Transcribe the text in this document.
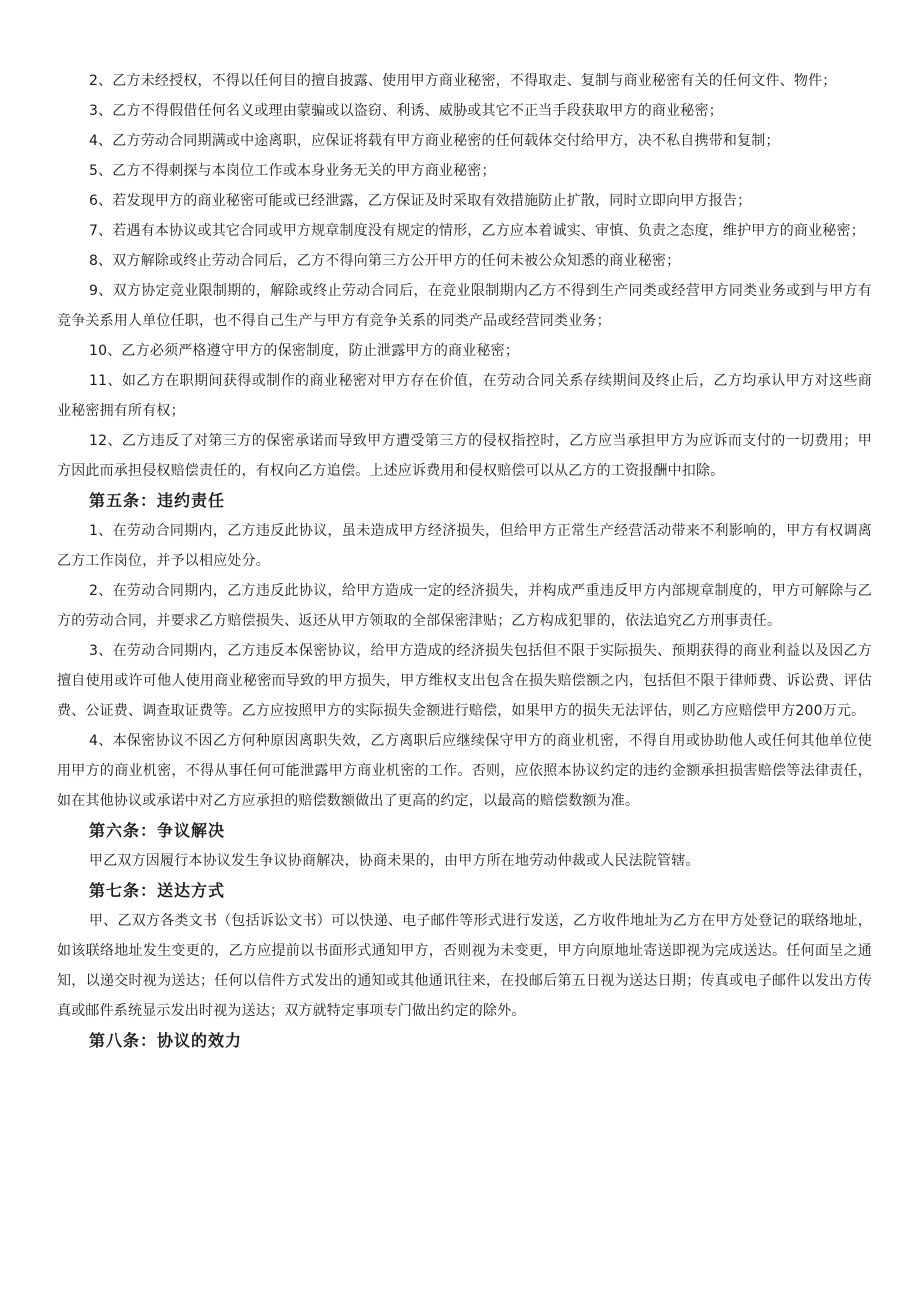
2、乙方未经授权，不得以任何目的擅自披露、使用甲方商业秘密，不得取走、复制与商业秘密有关的任何文件、物件；

3、乙方不得假借任何名义或理由蒙骗或以盗窃、利诱、威胁或其它不正当手段获取甲方的商业秘密；

4、乙方劳动合同期满或中途离职，应保证将载有甲方商业秘密的任何载体交付给甲方，决不私自携带和复制；

5、乙方不得刺探与本岗位工作或本身业务无关的甲方商业秘密；

6、若发现甲方的商业秘密可能或已经泄露，乙方保证及时采取有效措施防止扩散，同时立即向甲方报告；

7、若遇有本协议或其它合同或甲方规章制度没有规定的情形，乙方应本着诚实、审慎、负责之态度，维护甲方的商业秘密；

8、双方解除或终止劳动合同后，乙方不得向第三方公开甲方的任何未被公众知悉的商业秘密；

9、双方协定竞业限制期的，解除或终止劳动合同后，在竞业限制期内乙方不得到生产同类或经营甲方同类业务或到与甲方有竞争关系用人单位任职，也不得自己生产与甲方有竞争关系的同类产品或经营同类业务；

10、乙方必须严格遵守甲方的保密制度，防止泄露甲方的商业秘密；

11、如乙方在职期间获得或制作的商业秘密对甲方存在价值，在劳动合同关系存续期间及终止后，乙方均承认甲方对这些商业秘密拥有所有权；

12、乙方违反了对第三方的保密承诺而导致甲方遭受第三方的侵权指控时，乙方应当承担甲方为应诉而支付的一切费用；甲方因此而承担侵权赔偿责任的，有权向乙方追偿。上述应诉费用和侵权赔偿可以从乙方的工资报酬中扣除。

第五条：违约责任

1、在劳动合同期内，乙方违反此协议，虽未造成甲方经济损失，但给甲方正常生产经营活动带来不利影响的，甲方有权调离乙方工作岗位，并予以相应处分。

2、在劳动合同期内，乙方违反此协议，给甲方造成一定的经济损失，并构成严重违反甲方内部规章制度的，甲方可解除与乙方的劳动合同，并要求乙方赔偿损失、返还从甲方领取的全部保密津贴；乙方构成犯罪的，依法追究乙方刑事责任。

3、在劳动合同期内，乙方违反本保密协议，给甲方造成的经济损失包括但不限于实际损失、预期获得的商业利益以及因乙方擅自使用或许可他人使用商业秘密而导致的甲方损失，甲方维权支出包含在损失赔偿额之内，包括但不限于律师费、诉讼费、评估费、公证费、调查取证费等。乙方应按照甲方的实际损失金额进行赔偿，如果甲方的损失无法评估，则乙方应赔偿甲方200万元。

4、本保密协议不因乙方何种原因离职失效，乙方离职后应继续保守甲方的商业机密，不得自用或协助他人或任何其他单位使用甲方的商业机密，不得从事任何可能泄露甲方商业机密的工作。否则，应依照本协议约定的违约金额承担损害赔偿等法律责任，如在其他协议或承诺中对乙方应承担的赔偿数额做出了更高的约定，以最高的赔偿数额为准。

第六条：争议解决

甲乙双方因履行本协议发生争议协商解决，协商未果的，由甲方所在地劳动仲裁或人民法院管辖。

第七条：送达方式

甲、乙双方各类文书（包括诉讼文书）可以快递、电子邮件等形式进行发送，乙方收件地址为乙方在甲方处登记的联络地址，如该联络地址发生变更的，乙方应提前以书面形式通知甲方，否则视为未变更，甲方向原地址寄送即视为完成送达。任何面呈之通知，以递交时视为送达；任何以信件方式发出的通知或其他通讯往来，在投邮后第五日视为送达日期；传真或电子邮件以发出方传真或邮件系统显示发出时视为送达；双方就特定事项专门做出约定的除外。

第八条：协议的效力
